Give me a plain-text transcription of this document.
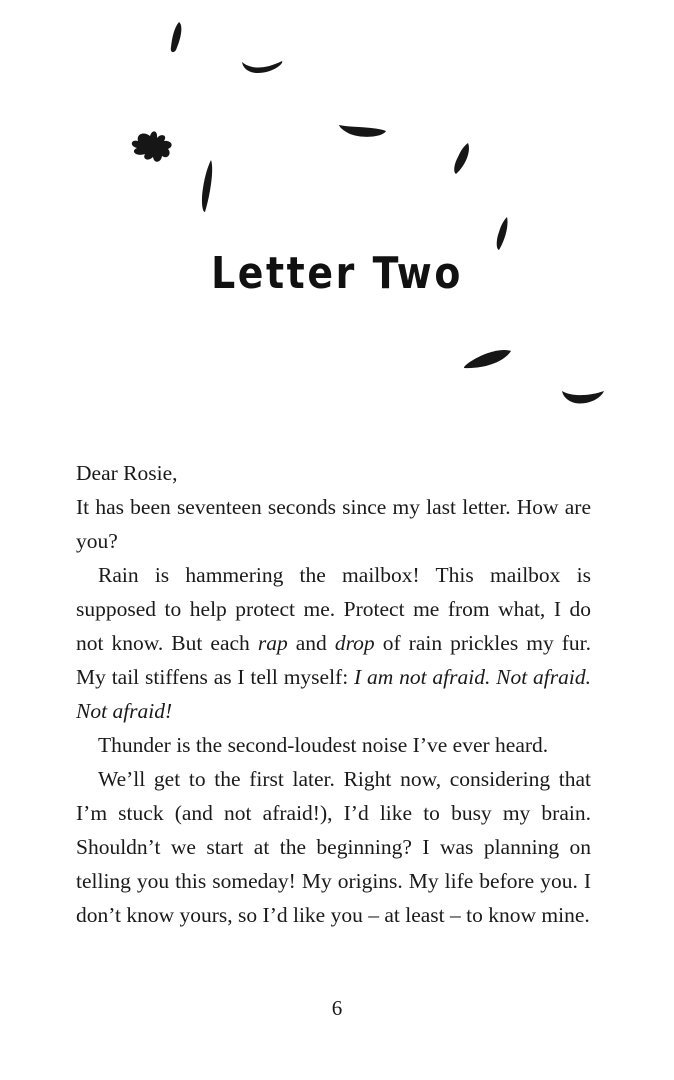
Letter Two

Dear Rosie,

It has been seventeen seconds since my last letter. How are you?

Rain is hammering the mailbox! This mailbox is supposed to help protect me. Protect me from what, I do not know. But each rap and drop of rain prickles my fur. My tail stiffens as I tell myself: I am not afraid. Not afraid. Not afraid!

Thunder is the second-loudest noise I’ve ever heard.

We’ll get to the first later. Right now, considering that I’m stuck (and not afraid!), I’d like to busy my brain. Shouldn’t we start at the beginning? I was planning on telling you this someday! My origins. My life before you. I don’t know yours, so I’d like you – at least – to know mine.

6
